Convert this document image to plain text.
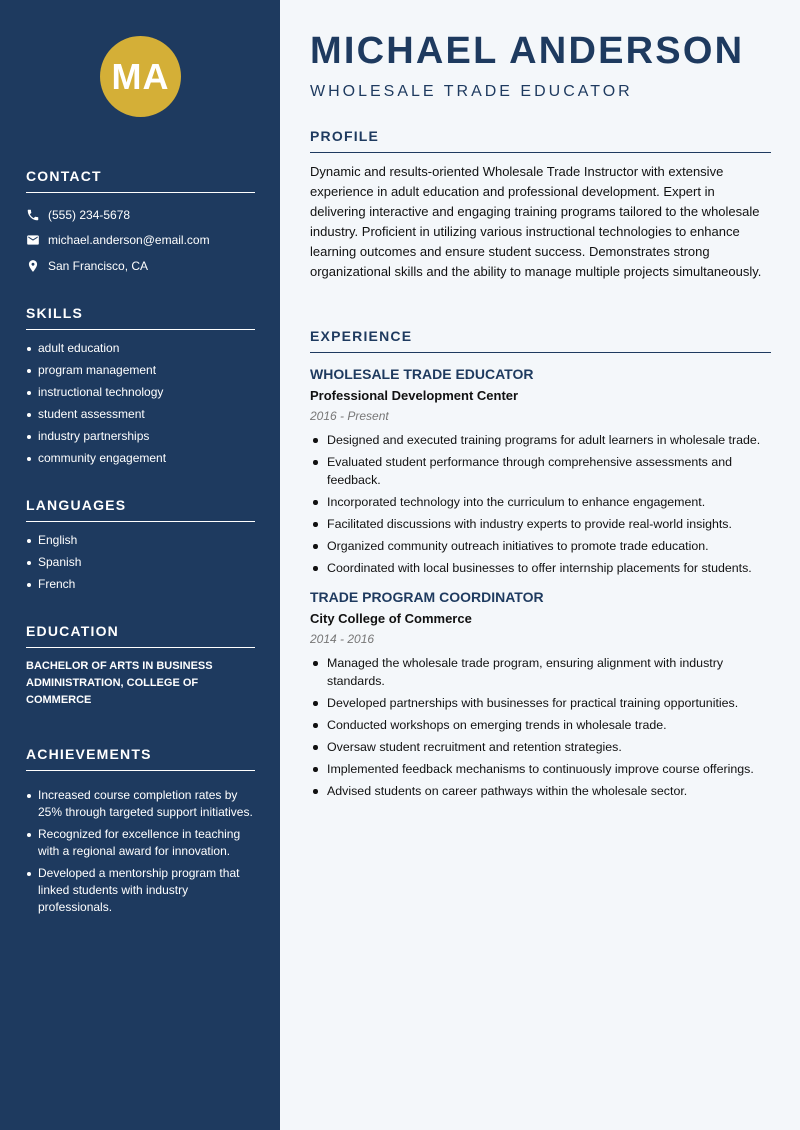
MA
CONTACT
(555) 234-5678
michael.anderson@email.com
San Francisco, CA
SKILLS
adult education
program management
instructional technology
student assessment
industry partnerships
community engagement
LANGUAGES
English
Spanish
French
EDUCATION

BACHELOR OF ARTS IN BUSINESS ADMINISTRATION, COLLEGE OF COMMERCE

ACHIEVEMENTS
Increased course completion rates by 25% through targeted support initiatives.
Recognized for excellence in teaching with a regional award for innovation.
Developed a mentorship program that linked students with industry professionals.
MICHAEL ANDERSON
WHOLESALE TRADE EDUCATOR
PROFILE

Dynamic and results-oriented Wholesale Trade Instructor with extensive experience in adult education and professional development. Expert in delivering interactive and engaging training programs tailored to the wholesale industry. Proficient in utilizing various instructional technologies to enhance learning outcomes and ensure student success. Demonstrates strong organizational skills and the ability to manage multiple projects simultaneously.

EXPERIENCE
WHOLESALE TRADE EDUCATOR
Professional Development Center
2016 - Present
Designed and executed training programs for adult learners in wholesale trade.
Evaluated student performance through comprehensive assessments and feedback.
Incorporated technology into the curriculum to enhance engagement.
Facilitated discussions with industry experts to provide real-world insights.
Organized community outreach initiatives to promote trade education.
Coordinated with local businesses to offer internship placements for students.
TRADE PROGRAM COORDINATOR
City College of Commerce
2014 - 2016
Managed the wholesale trade program, ensuring alignment with industry standards.
Developed partnerships with businesses for practical training opportunities.
Conducted workshops on emerging trends in wholesale trade.
Oversaw student recruitment and retention strategies.
Implemented feedback mechanisms to continuously improve course offerings.
Advised students on career pathways within the wholesale sector.
